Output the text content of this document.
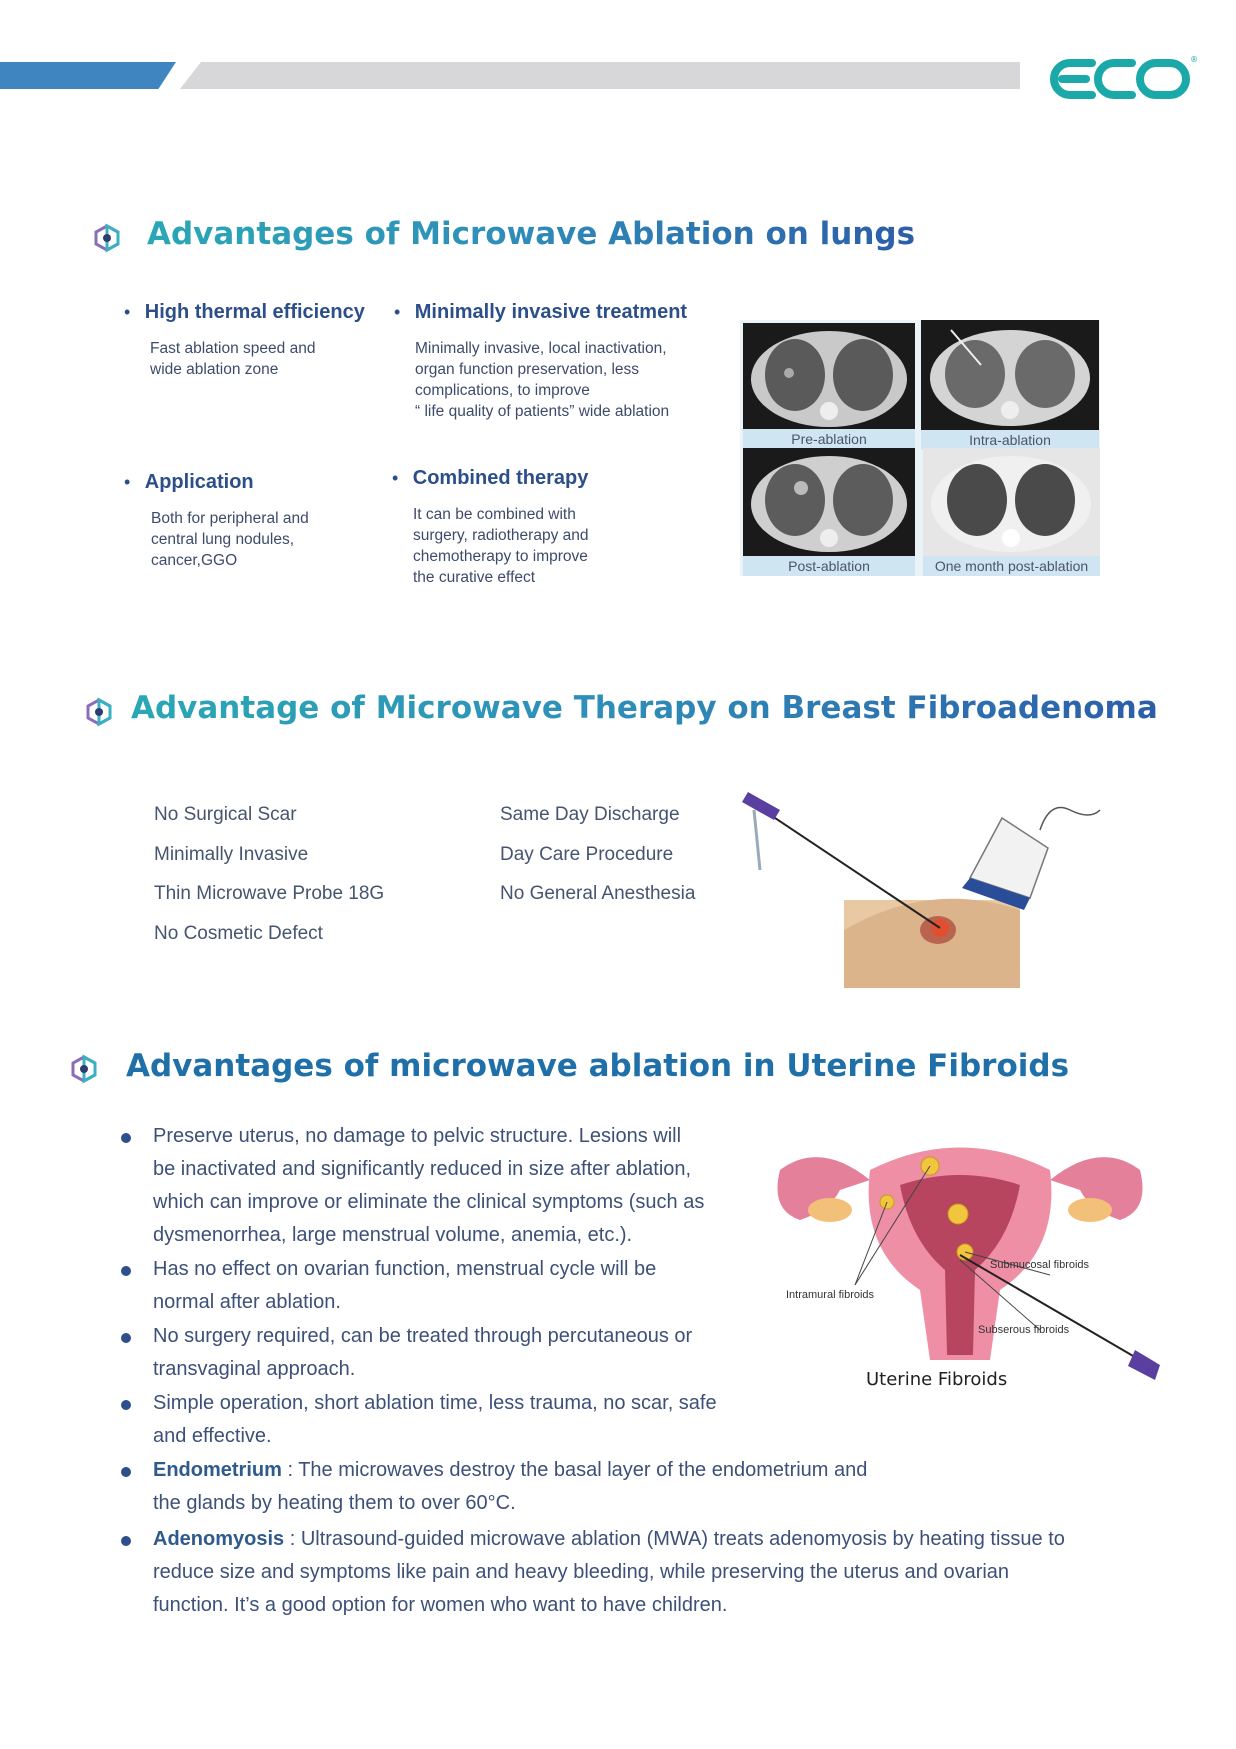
®
Advantages of Microwave Ablation on lungs
• High thermal efficiency
Fast ablation speed and
wide ablation zone
• Minimally invasive treatment
Minimally invasive, local inactivation,
organ function preservation, less
complications, to improve
“ life quality of patients” wide ablation
• Application
Both for peripheral and
central lung nodules,
cancer,GGO
• Combined therapy
It can be combined with
surgery, radiotherapy and
chemotherapy to improve
the curative effect
Pre-ablation	Intra-ablation
Post-ablation	One month post-ablation
Advantage of Microwave Therapy on Breast Fibroadenoma
No Surgical Scar
Minimally Invasive
Thin Microwave Probe 18G
No Cosmetic Defect
Same Day Discharge
Day Care Procedure
No General Anesthesia
Advantages of microwave ablation in Uterine Fibroids
Preserve uterus, no damage to pelvic structure. Lesions will
be inactivated and significantly reduced in size after ablation,
which can improve or eliminate the clinical symptoms (such as
dysmenorrhea, large menstrual volume, anemia, etc.).
Has no effect on ovarian function, menstrual cycle will be
normal after ablation.
No surgery required, can be treated through percutaneous or
transvaginal approach.
Simple operation, short ablation time, less trauma, no scar, safe
and effective.
Endometrium : The microwaves destroy the basal layer of the endometrium and
the glands by heating them to over 60°C.
Adenomyosis : Ultrasound-guided microwave ablation (MWA) treats adenomyosis by heating tissue to
reduce size and symptoms like pain and heavy bleeding, while preserving the uterus and ovarian
function. It’s a good option for women who want to have children.
Intramural fibroids
Submucosal fibroids
Subserous fibroids
Uterine Fibroids
